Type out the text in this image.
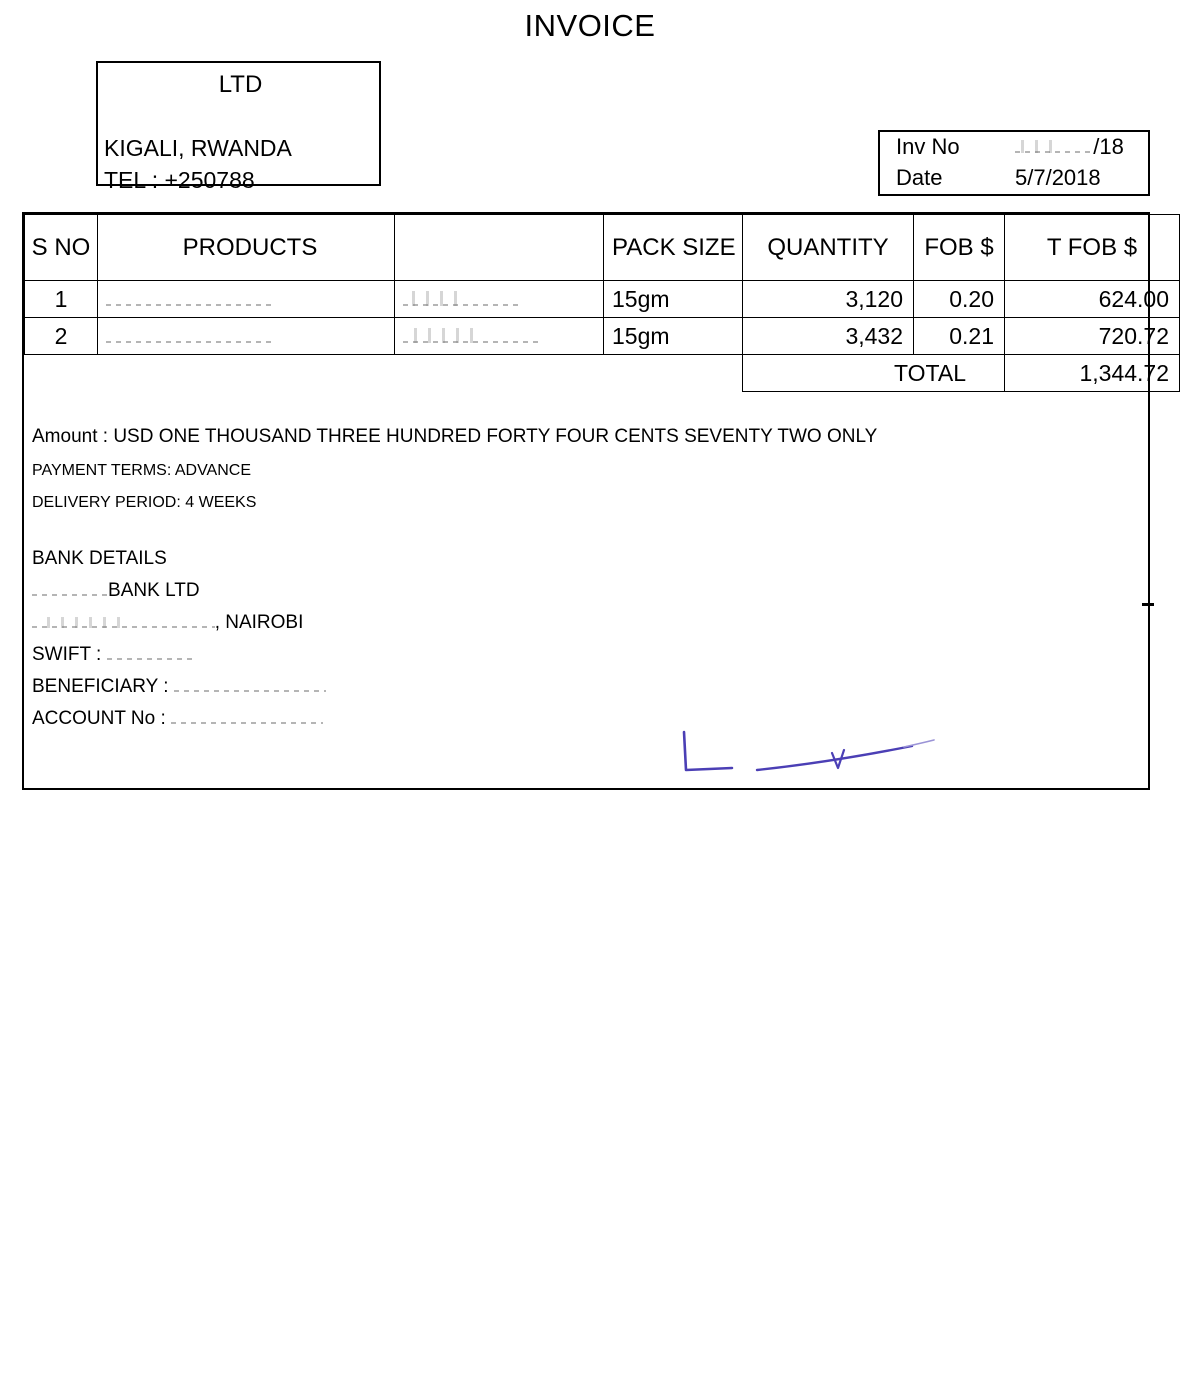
INVOICE
LTD
KIGALI, RWANDA
TEL : +250788
Inv No	/18
Date	5/7/2018
S NO	PRODUCTS		PACK SIZE	QUANTITY	FOB $	T FOB $
1			15gm	3,120	0.20	624.00
2			15gm	3,432	0.21	720.72
				TOTAL		1,344.72
Amount : USD ONE THOUSAND THREE HUNDRED FORTY FOUR CENTS SEVENTY TWO ONLY
PAYMENT TERMS: ADVANCE
DELIVERY PERIOD: 4 WEEKS
BANK DETAILS
BANK LTD
, NAIROBI
SWIFT :
BENEFICIARY :
ACCOUNT No :
